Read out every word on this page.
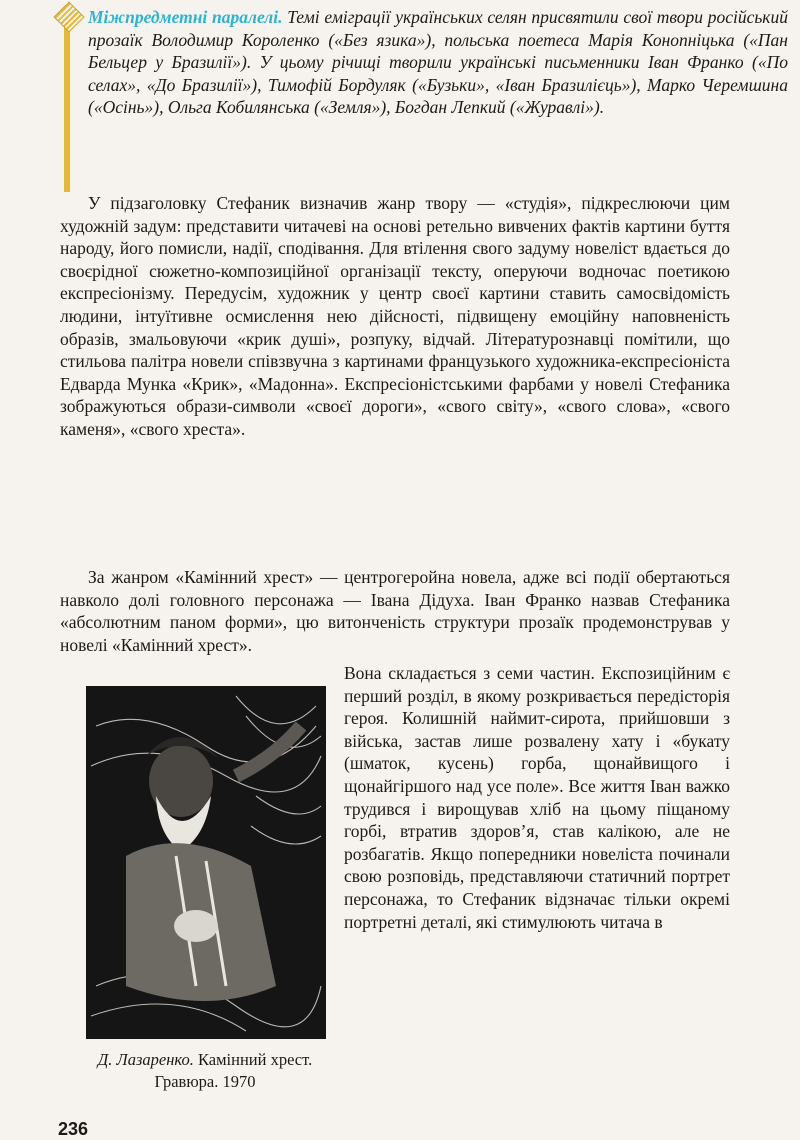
Міжпредметні паралелі. Темі еміграції українських селян присвятили свої твори російський прозаїк Володимир Короленко («Без язика»), польська поетеса Марія Конопніцька («Пан Бельцер у Бразилії»). У цьому річищі творили українські письменники Іван Франко («По селах», «До Бразилії»), Тимофій Бордуляк («Бузьки», «Іван Бразилієць»), Марко Черемшина («Осінь»), Ольга Кобилянська («Земля»), Богдан Лепкий («Журавлі»).

У підзаголовку Стефаник визначив жанр твору — «студія», підкреслюючи цим художній задум: представити читачеві на основі ретельно вивчених фактів картини буття народу, його помисли, надії, сподівання. Для втілення свого задуму новеліст вдається до своєрідної сюжетно-композиційної організації тексту, оперуючи водночас поетикою експресіонізму. Передусім, художник у центр своєї картини ставить самосвідомість людини, інтуїтивне осмислення нею дійсності, підвищену емоційну наповненість образів, змальовуючи «крик душі», розпуку, відчай. Літературознавці помітили, що стильова палітра новели співзвучна з картинами французького художника-експресіоніста Едварда Мунка «Крик», «Мадонна». Експресіоністськими фарбами у новелі Стефаника зображуються образи-символи «своєї дороги», «свого світу», «свого слова», «свого каменя», «свого хреста».

За жанром «Камінний хрест» — центрогеройна новела, адже всі події обертаються навколо долі головного персонажа — Івана Дідуха. Іван Франко назвав Стефаника «абсолютним паном форми», цю витонченість структури прозаїк продемонстрував у новелі «Камінний хрест».

Д. Лазаренко. Камінний хрест. Гравюра. 1970
Вона складається з семи частин. Експозиційним є перший розділ, в якому розкривається передісторія героя. Колишній наймит-сирота, прийшовши з війська, застав лише розвалену хату і «букату (шматок, кусень) горба, щонайвищого і щонайгіршого над усе поле». Все життя Іван важко трудився і вирощував хліб на цьому піщаному горбі, втратив здоров’я, став калікою, але не розбагатів. Якщо попередники новеліста починали свою розповідь, представляючи статичний портрет персонажа, то Стефаник відзначає тільки окремі портретні деталі, які стимулюють читача в
236
